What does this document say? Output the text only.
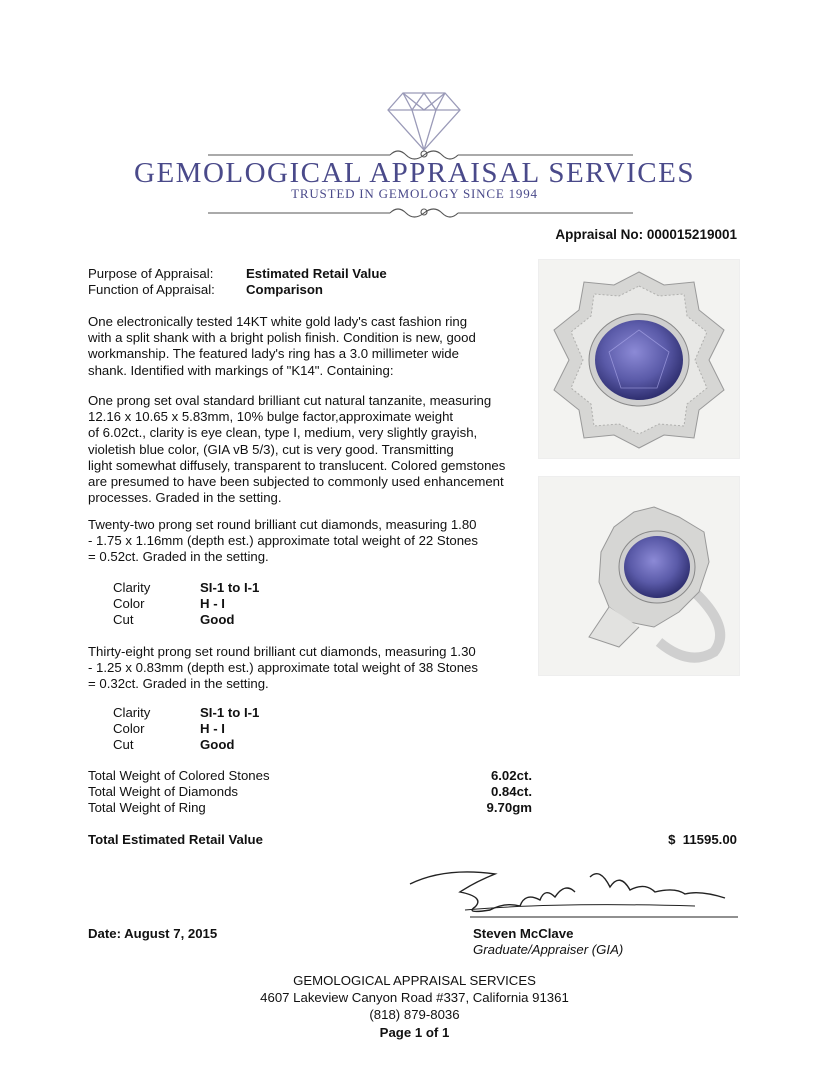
GEMOLOGICAL APPRAISAL SERVICES
TRUSTED IN GEMOLOGY SINCE 1994
Appraisal No: 000015219001
Purpose of Appraisal: Estimated Retail Value
Function of Appraisal: Comparison
One electronically tested 14KT white gold lady's cast fashion ring
with a split shank with a bright polish finish. Condition is new, good
workmanship. The featured lady's ring has a 3.0 millimeter wide
shank. Identified with markings of "K14". Containing:
One prong set oval standard brilliant cut natural tanzanite, measuring
12.16 x 10.65 x 5.83mm, 10% bulge factor,approximate weight
of 6.02ct., clarity is eye clean, type I, medium, very slightly grayish,
violetish blue color, (GIA vB 5/3), cut is very good. Transmitting
light somewhat diffusely, transparent to translucent. Colored gemstones
are presumed to have been subjected to commonly used enhancement
processes. Graded in the setting.
Twenty-two prong set round brilliant cut diamonds, measuring 1.80
- 1.75 x 1.16mm (depth est.) approximate total weight of 22 Stones
= 0.52ct. Graded in the setting.
Clarity	SI-1 to I-1
Color	H - I
Cut	Good
Thirty-eight prong set round brilliant cut diamonds, measuring 1.30
- 1.25 x 0.83mm (depth est.) approximate total weight of 38 Stones
= 0.32ct. Graded in the setting.
Clarity	SI-1 to I-1
Color	H - I
Cut	Good
Total Weight of Colored Stones	6.02ct.
Total Weight of Diamonds	0.84ct.
Total Weight of Ring	9.70gm
Total Estimated Retail Value	$  11595.00
Date: August 7, 2015	Steven McClave
Graduate/Appraiser (GIA)
GEMOLOGICAL APPRAISAL SERVICES
4607 Lakeview Canyon Road #337, California 91361
(818) 879-8036
Page 1 of 1
